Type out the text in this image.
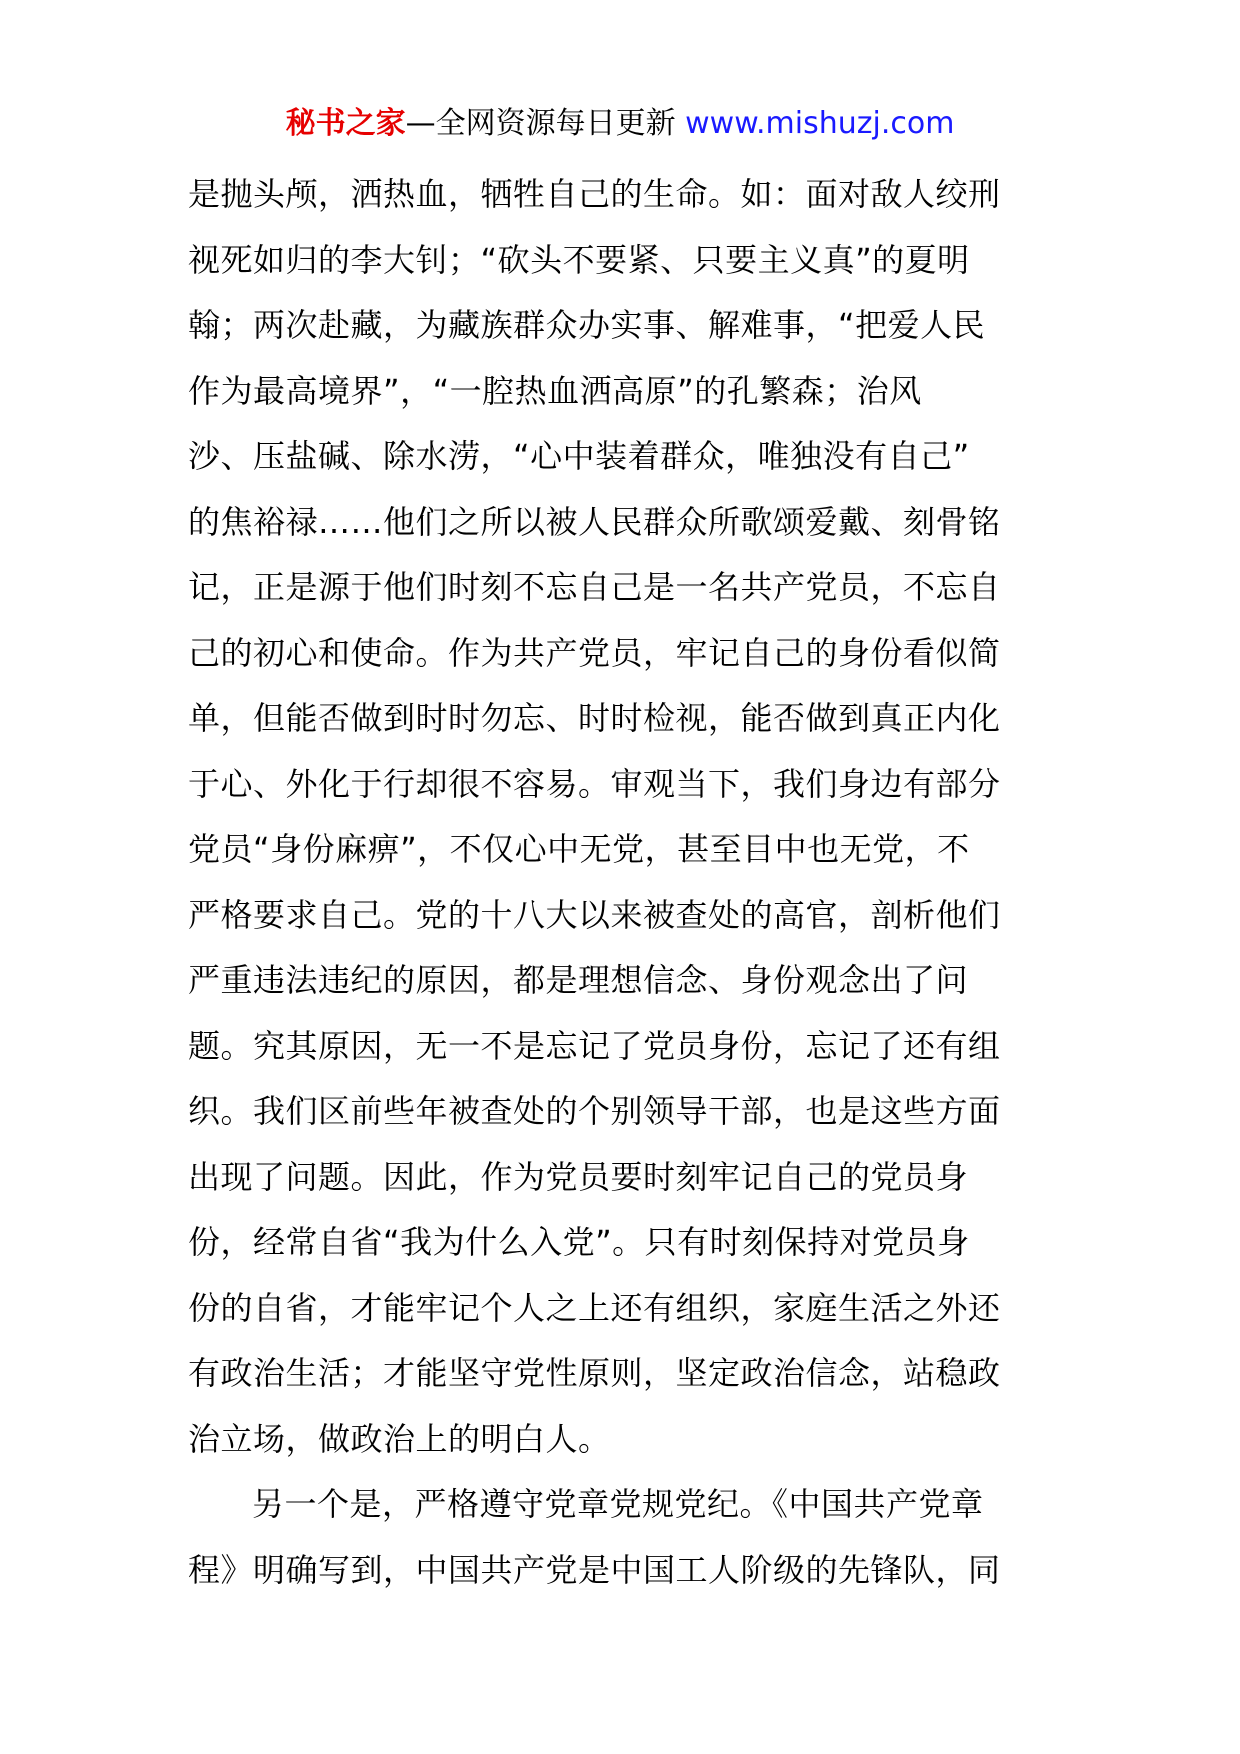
秘书之家—全网资源每日更新 www.mishuzj.com
是抛头颅，洒热血，牺牲自己的生命。如：面对敌人绞刑
视死如归的李大钊；“砍头不要紧、只要主义真”的夏明
翰；两次赴藏，为藏族群众办实事、解难事，“把爱人民
作为最高境界”，“一腔热血洒高原”的孔繁森；治风
沙、压盐碱、除水涝，“心中装着群众，唯独没有自己”
的焦裕禄……他们之所以被人民群众所歌颂爱戴、刻骨铭
记，正是源于他们时刻不忘自己是一名共产党员，不忘自
己的初心和使命。作为共产党员，牢记自己的身份看似简
单，但能否做到时时勿忘、时时检视，能否做到真正内化
于心、外化于行却很不容易。审观当下，我们身边有部分
党员“身份麻痹”，不仅心中无党，甚至目中也无党，不
严格要求自己。党的十八大以来被查处的高官，剖析他们
严重违法违纪的原因，都是理想信念、身份观念出了问
题。究其原因，无一不是忘记了党员身份，忘记了还有组
织。我们区前些年被查处的个别领导干部，也是这些方面
出现了问题。因此，作为党员要时刻牢记自己的党员身
份，经常自省“我为什么入党”。只有时刻保持对党员身
份的自省，才能牢记个人之上还有组织，家庭生活之外还
有政治生活；才能坚守党性原则，坚定政治信念，站稳政
治立场，做政治上的明白人。
另一个是，严格遵守党章党规党纪。《中国共产党章
程》明确写到，中国共产党是中国工人阶级的先锋队，同
